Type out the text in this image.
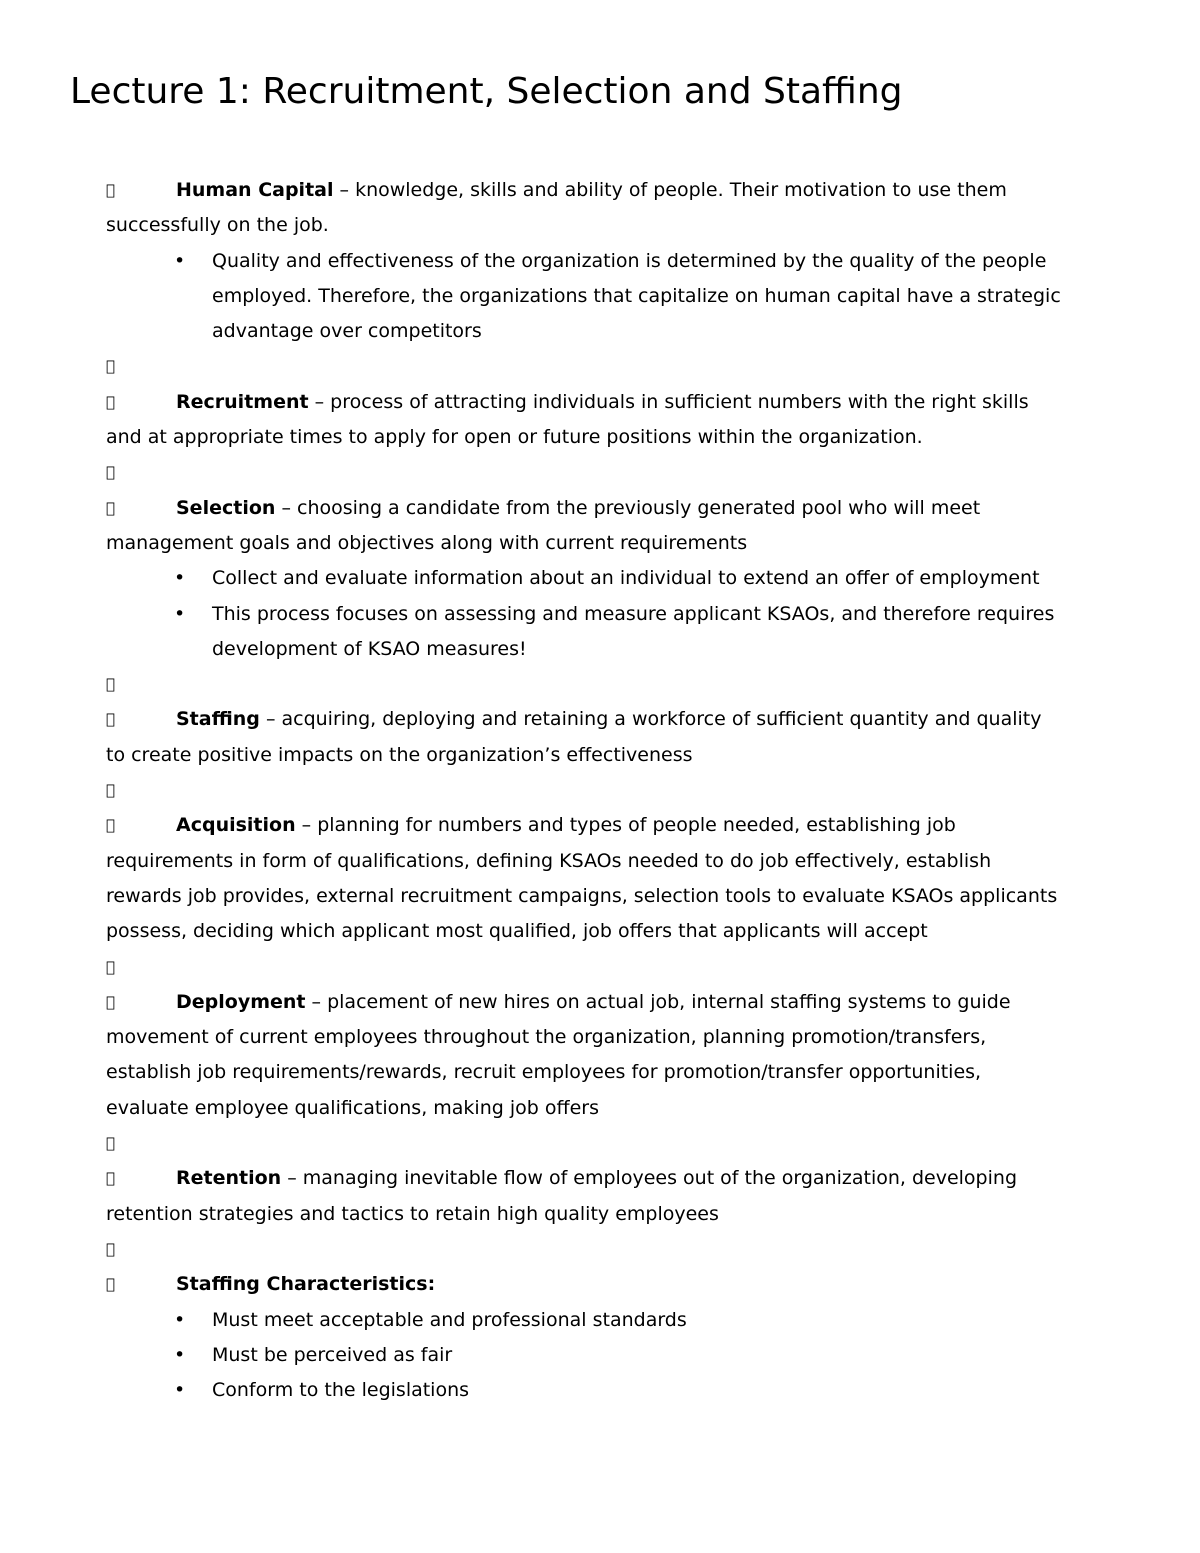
Lecture 1: Recruitment, Selection and Staffing
Human Capital – knowledge, skills and ability of people. Their motivation to use them
successfully on the job.
• Quality and effectiveness of the organization is determined by the quality of the people
employed. Therefore, the organizations that capitalize on human capital have a strategic
advantage over competitors
Recruitment – process of attracting individuals in sufficient numbers with the right skills
and at appropriate times to apply for open or future positions within the organization.
Selection – choosing a candidate from the previously generated pool who will meet
management goals and objectives along with current requirements
• Collect and evaluate information about an individual to extend an offer of employment
• This process focuses on assessing and measure applicant KSAOs, and therefore requires
development of KSAO measures!
Staffing – acquiring, deploying and retaining a workforce of sufficient quantity and quality
to create positive impacts on the organization’s effectiveness
Acquisition – planning for numbers and types of people needed, establishing job
requirements in form of qualifications, defining KSAOs needed to do job effectively, establish
rewards job provides, external recruitment campaigns, selection tools to evaluate KSAOs applicants
possess, deciding which applicant most qualified, job offers that applicants will accept
Deployment – placement of new hires on actual job, internal staffing systems to guide
movement of current employees throughout the organization, planning promotion/transfers,
establish job requirements/rewards, recruit employees for promotion/transfer opportunities,
evaluate employee qualifications, making job offers
Retention – managing inevitable flow of employees out of the organization, developing
retention strategies and tactics to retain high quality employees
Staffing Characteristics:
• Must meet acceptable and professional standards
• Must be perceived as fair
• Conform to the legislations
